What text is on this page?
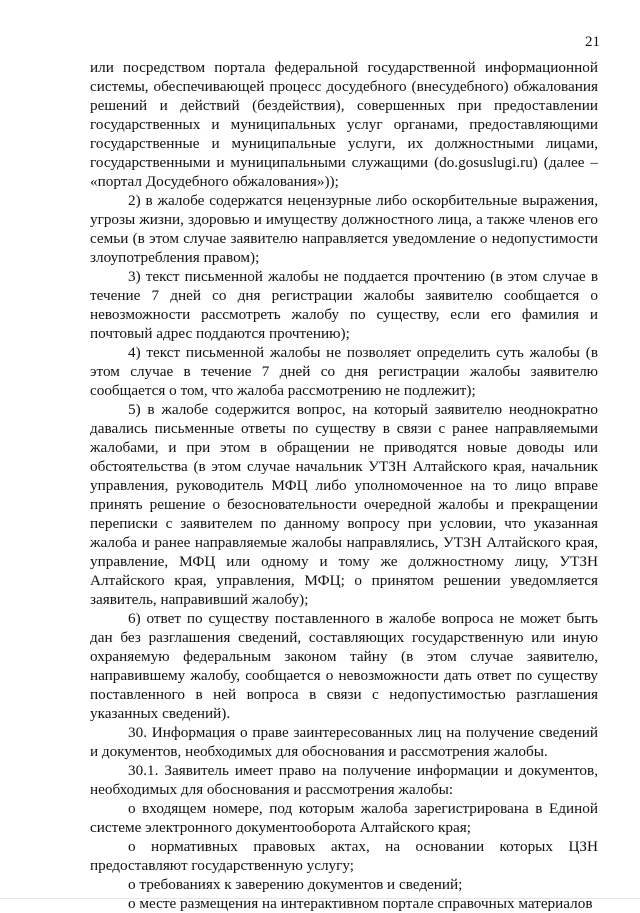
21

или посредством портала федеральной государственной информационной системы, обеспечивающей процесс досудебного (внесудебного) обжалования решений и действий (бездействия), совершенных при предоставлении государственных и муниципальных услуг органами, предоставляющими государственные и муниципальные услуги, их должностными лицами, государственными и муниципальными служащими (do.gosuslugi.ru) (далее – «портал Досудебного обжалования»));

2) в жалобе содержатся нецензурные либо оскорбительные выражения, угрозы жизни, здоровью и имуществу должностного лица, а также членов его семьи (в этом случае заявителю направляется уведомление о недопустимости злоупотребления правом);

3) текст письменной жалобы не поддается прочтению (в этом случае в течение 7 дней со дня регистрации жалобы заявителю сообщается о невозможности рассмотреть жалобу по существу, если его фамилия и почтовый адрес поддаются прочтению);

4) текст письменной жалобы не позволяет определить суть жалобы (в этом случае в течение 7 дней со дня регистрации жалобы заявителю сообщается о том, что жалоба рассмотрению не подлежит);

5) в жалобе содержится вопрос, на который заявителю неоднократно давались письменные ответы по существу в связи с ранее направляемыми жалобами, и при этом в обращении не приводятся новые доводы или обстоятельства (в этом случае начальник УТЗН Алтайского края, начальник управления, руководитель МФЦ либо уполномоченное на то лицо вправе принять решение о безосновательности очередной жалобы и прекращении переписки с заявителем по данному вопросу при условии, что указанная жалоба и ранее направляемые жалобы направлялись, УТЗН Алтайского края, управление, МФЦ или одному и тому же должностному лицу, УТЗН Алтайского края, управления, МФЦ; о принятом решении уведомляется заявитель, направивший жалобу);

6) ответ по существу поставленного в жалобе вопроса не может быть дан без разглашения сведений, составляющих государственную или иную охраняемую федеральным законом тайну (в этом случае заявителю, направившему жалобу, сообщается о невозможности дать ответ по существу поставленного в ней вопроса в связи с недопустимостью разглашения указанных сведений).

30. Информация о праве заинтересованных лиц на получение сведений и документов, необходимых для обоснования и рассмотрения жалобы.

30.1. Заявитель имеет право на получение информации и документов, необходимых для обоснования и рассмотрения жалобы:

о входящем номере, под которым жалоба зарегистрирована в Единой системе электронного документооборота Алтайского края;

о нормативных правовых актах, на основании которых ЦЗН предоставляют государственную услугу;

о требованиях к заверению документов и сведений;

о месте размещения на интерактивном портале справочных материалов
